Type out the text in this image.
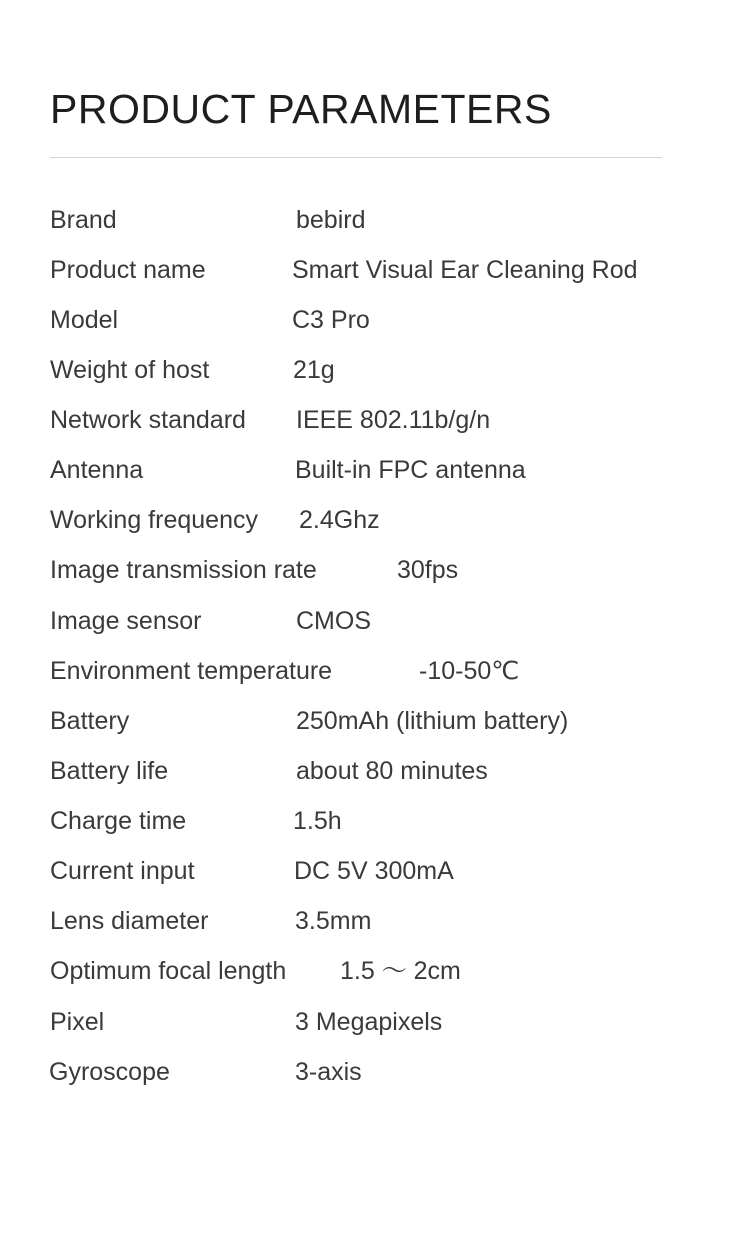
PRODUCT PARAMETERS
Brand	bebird
Product name	Smart Visual Ear Cleaning Rod
Model	C3 Pro
Weight of host	21g
Network standard IEEE 802.11b/g/n
Antenna	Built-in FPC antenna
Working frequency 2.4Ghz
Image transmission rate	30fps
Image sensor	CMOS
Environment temperature	-10-50℃
Battery	250mAh (lithium battery)
Battery life	about 80 minutes
Charge time	1.5h
Current input	DC 5V 300mA
Lens diameter	3.5mm
Optimum focal length 1.5 ～ 2cm
Pixel	3 Megapixels
Gyroscope	3-axis
